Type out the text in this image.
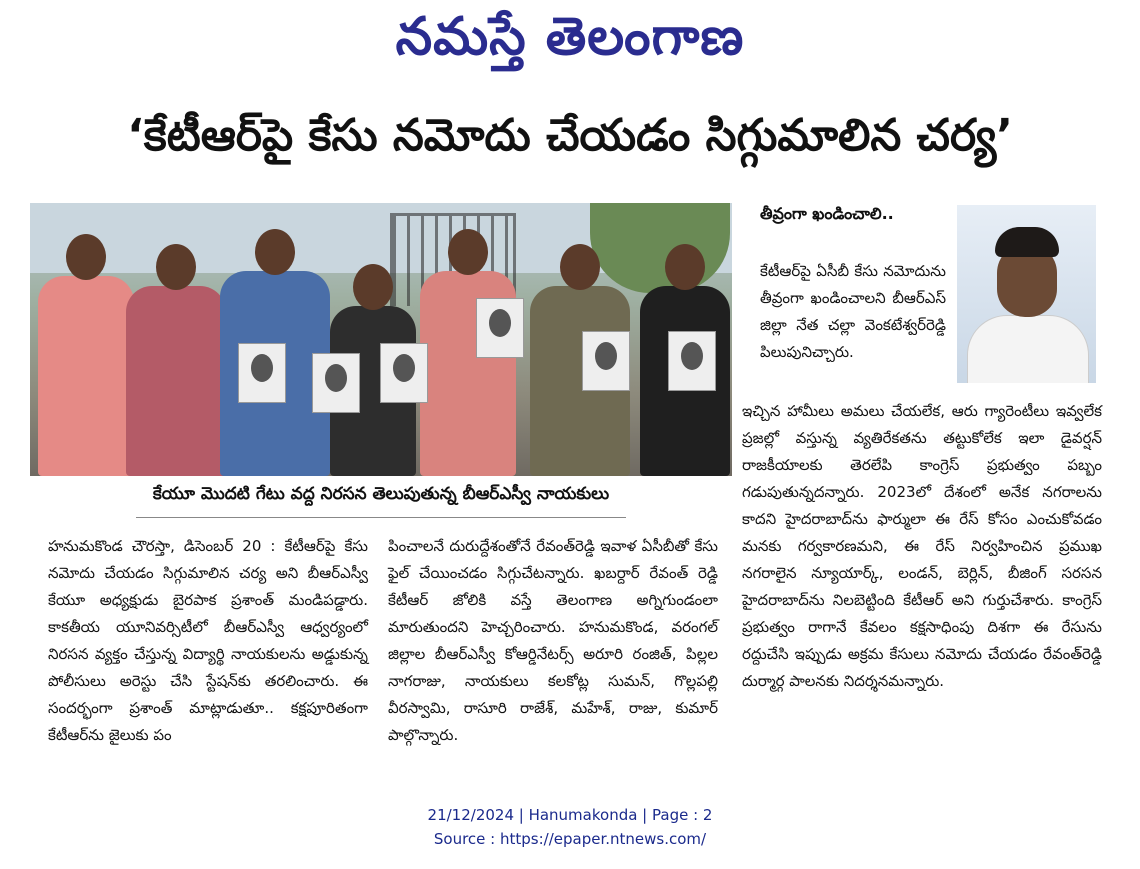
నమస్తే తెలంగాణ
‘కేటీఆర్‌పై కేసు నమోదు చేయడం సిగ్గుమాలిన చర్య’
కేయూ మొదటి గేటు వద్ద నిరసన తెలుపుతున్న బీఆర్‌ఎస్వీ నాయకులు
తీవ్రంగా ఖండించాలి..
హనుమకొండ చౌరస్తా, డిసెంబర్ 20 : కేటీఆర్‌పై కేసు నమోదు చేయడం సిగ్గుమాలిన చర్య అని బీఆర్‌ఎస్వీ కేయూ అధ్యక్షుడు బైరపాక ప్రశాంత్ మండిపడ్డారు. కాకతీయ యూనివర్సిటీలో బీఆర్‌ఎస్వీ ఆధ్వర్యంలో నిరసన వ్యక్తం చేస్తున్న విద్యార్థి నాయకులను అడ్డుకున్న పోలీసులు అరెస్టు చేసి స్టేషన్‌కు తరలించారు. ఈ సందర్భంగా ప్రశాంత్ మాట్లాడుతూ.. కక్షపూరితంగా కేటీఆర్‌ను జైలుకు పం
పించాలనే దురుద్దేశంతోనే రేవంత్‌రెడ్డి ఇవాళ ఏసీబీతో కేసు ఫైల్ చేయించడం సిగ్గుచేటన్నారు. ఖబర్దార్ రేవంత్ రెడ్డి కేటీఆర్ జోలికి వస్తే తెలంగాణ అగ్నిగుండంలా మారుతుందని హెచ్చరించారు. హనుమకొండ, వరంగల్ జిల్లాల బీఆర్‌ఎస్వీ కోఆర్డినేటర్స్ అరూరి రంజిత్, పిల్లల నాగరాజు, నాయకులు కలకోట్ల సుమన్, గొల్లపల్లి వీరస్వామి, రాసూరి రాజేశ్, మహేశ్, రాజు, కుమార్ పాల్గొన్నారు.
కేటీఆర్‌పై ఏసీబీ కేసు నమోదును తీవ్రంగా ఖండించాలని బీఆర్‌ఎస్ జిల్లా నేత చల్లా వెంకటేశ్వర్‌రెడ్డి పిలుపునిచ్చారు.
ఇచ్చిన హామీలు అమలు చేయలేక, ఆరు గ్యారెంటీలు ఇవ్వలేక ప్రజల్లో వస్తున్న వ్యతిరేకతను తట్టుకోలేక ఇలా డైవర్షన్ రాజకీయాలకు తెరలేపి కాంగ్రెస్ ప్రభుత్వం పబ్బం గడుపుతున్నదన్నారు. 2023లో దేశంలో అనేక నగరాలను కాదని హైదరాబాద్‌ను ఫార్ములా ఈ రేస్ కోసం ఎంచుకోవడం మనకు గర్వకారణమని, ఈ రేస్ నిర్వహించిన ప్రముఖ నగరాలైన న్యూయార్క్, లండన్, బెర్లిన్, బీజింగ్ సరసన హైదరాబాద్‌ను నిలబెట్టింది కేటీఆర్ అని గుర్తుచేశారు. కాంగ్రెస్ ప్రభుత్వం రాగానే కేవలం కక్షసాధింపు దిశగా ఈ రేసును రద్దుచేసి ఇప్పుడు అక్రమ కేసులు నమోదు చేయడం రేవంత్‌రెడ్డి దుర్మార్గ పాలనకు నిదర్శనమన్నారు.
21/12/2024 | Hanumakonda | Page : 2
Source : https://epaper.ntnews.com/
